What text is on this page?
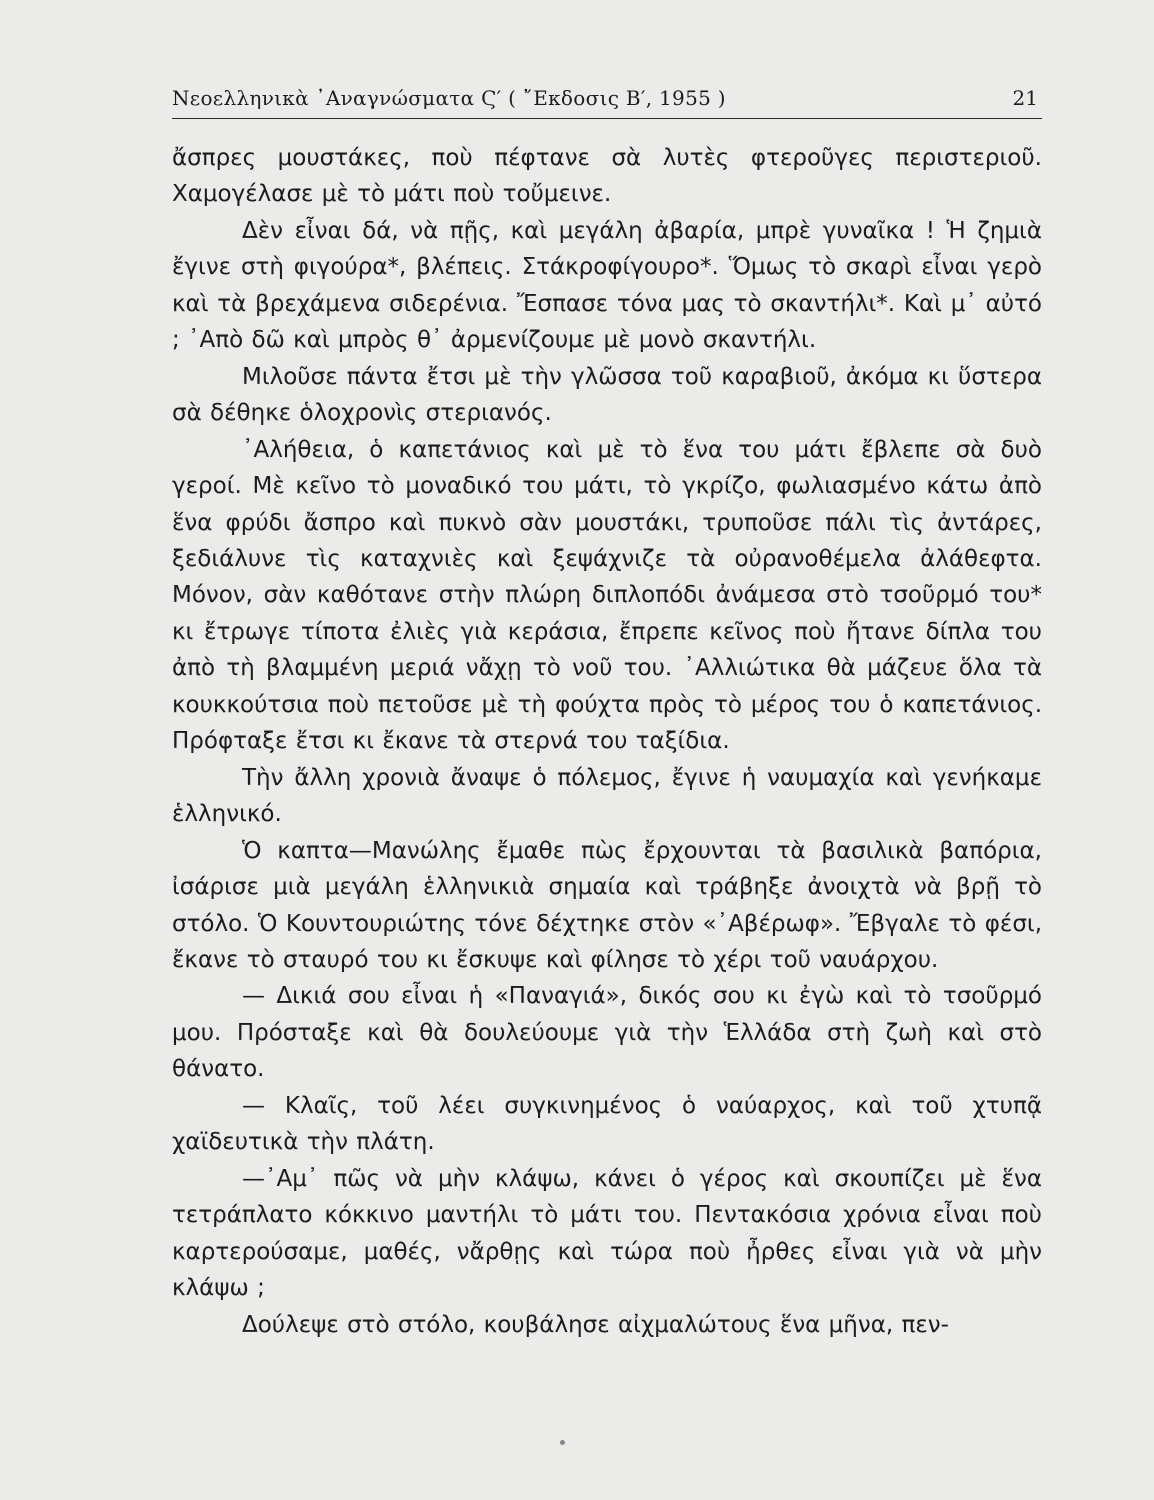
Νεοελληνικὰ ᾿Αναγνώσματα Ϛ′ ( ῎Εκδοσις Β′, 1955 )	21

ἄσπρες μουστάκες, ποὺ πέφτανε σὰ λυτὲς φτεροῦγες περιστεριοῦ. Χαμογέλασε μὲ τὸ μάτι ποὺ τοὔμεινε.

Δὲν εἶναι δά, νὰ πῇς, καὶ μεγάλη ἀβαρία, μπρὲ γυναῖκα ! Ἡ ζημιὰ ἔγινε στὴ φιγούρα*, βλέπεις. Στάκροφίγουρο*. Ὅμως τὸ σκαρὶ εἶναι γερὸ καὶ τὰ βρεχάμενα σιδερένια. Ἔσπασε τόνα μας τὸ σκαντήλι*. Καὶ μ᾿ αὐτό ; ᾿Απὸ δῶ καὶ μπρὸς θ᾿ ἀρμενίζουμε μὲ μονὸ σκαντήλι.

Μιλοῦσε πάντα ἔτσι μὲ τὴν γλῶσσα τοῦ καραβιοῦ, ἀκόμα κι ὕστερα σὰ δέθηκε ὁλοχρονὶς στεριανός.

᾿Αλήθεια, ὁ καπετάνιος καὶ μὲ τὸ ἕνα του μάτι ἔβλεπε σὰ δυὸ γεροί. Μὲ κεῖνο τὸ μοναδικό του μάτι, τὸ γκρίζο, φωλιασμένο κάτω ἀπὸ ἕνα φρύδι ἄσπρο καὶ πυκνὸ σὰν μουστάκι, τρυποῦσε πάλι τὶς ἀντάρες, ξεδιάλυνε τὶς καταχνιὲς καὶ ξεψάχνιζε τὰ οὐρανοθέμελα ἀλάθεφτα. Μόνον, σὰν καθότανε στὴν πλώρη διπλοπόδι ἀνάμεσα στὸ τσοῦρμό του* κι ἔτρωγε τίποτα ἐλιὲς γιὰ κεράσια, ἔπρεπε κεῖνος ποὺ ἤτανε δίπλα του ἀπὸ τὴ βλαμμένη μεριά νἄχῃ τὸ νοῦ του. ᾿Αλλιώτικα θὰ μάζευε ὅλα τὰ κουκκούτσια ποὺ πετοῦσε μὲ τὴ φούχτα πρὸς τὸ μέρος του ὁ καπετάνιος. Πρόφταξε ἔτσι κι ἔκανε τὰ στερνά του ταξίδια.

Τὴν ἄλλη χρονιὰ ἄναψε ὁ πόλεμος, ἔγινε ἡ ναυμαχία καὶ γενήκαμε ἑλληνικό.

Ὁ καπτα—Μανώλης ἔμαθε πὼς ἔρχουνται τὰ βασιλικὰ βαπόρια, ἰσάρισε μιὰ μεγάλη ἑλληνικιὰ σημαία καὶ τράβηξε ἀνοιχτὰ νὰ βρῇ τὸ στόλο. Ὁ Κουντουριώτης τόνε δέχτηκε στὸν «᾿Αβέρωφ». Ἔβγαλε τὸ φέσι, ἔκανε τὸ σταυρό του κι ἔσκυψε καὶ φίλησε τὸ χέρι τοῦ ναυάρχου.

— Δικιά σου εἶναι ἡ «Παναγιά», δικός σου κι ἐγὼ καὶ τὸ τσοῦρμό μου. Πρόσταξε καὶ θὰ δουλεύουμε γιὰ τὴν Ἑλλάδα στὴ ζωὴ καὶ στὸ θάνατο.

— Κλαῖς, τοῦ λέει συγκινημένος ὁ ναύαρχος, καὶ τοῦ χτυπᾷ χαϊδευτικὰ τὴν πλάτη.

—᾿Αμ᾿ πῶς νὰ μὴν κλάψω, κάνει ὁ γέρος καὶ σκουπίζει μὲ ἕνα τετράπλατο κόκκινο μαντήλι τὸ μάτι του. Πεντακόσια χρόνια εἶναι ποὺ καρτερούσαμε, μαθές, νἄρθῃς καὶ τώρα ποὺ ἦρθες εἶναι γιὰ νὰ μὴν κλάψω ;

Δούλεψε στὸ στόλο, κουβάλησε αἰχμαλώτους ἕνα μῆνα, πεν-
